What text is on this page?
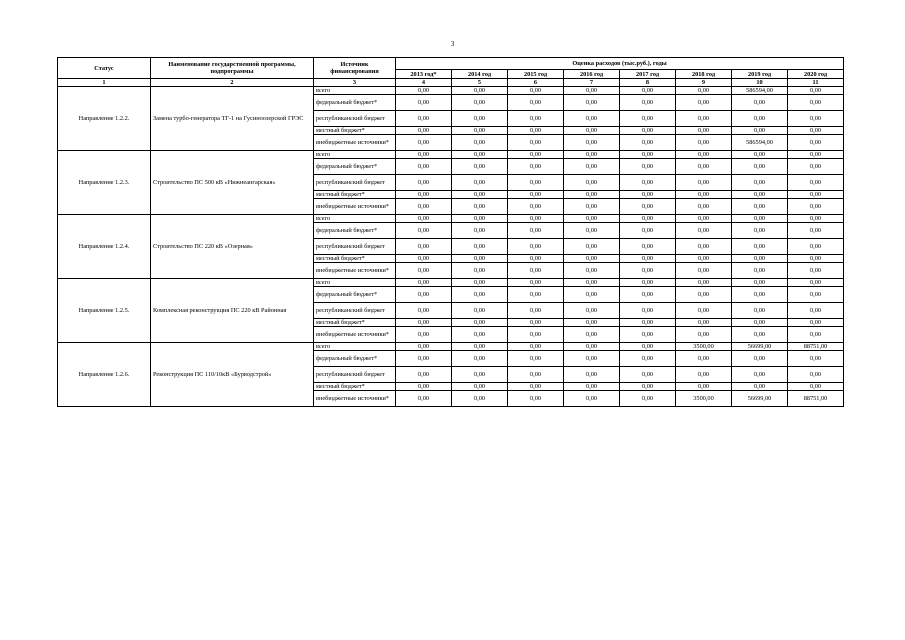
3
Статус	Наименование государственной программы, подпрограммы	Источник финансирования	Оценка расходов (тыс.руб.), годы							
			2013 год*	2014 год	2015 год	2016 год	2017 год	2018 год	2019 год	2020 год
1	2	3	4	5	6	7	8	9	10	11
Направление 1.2.2.	Замена турбо-генератора ТГ-1 на Гусиноозерской ГРЭС	всего	0,00	0,00	0,00	0,00	0,00	0,00	586594,00	0,00
		федеральный бюджет*	0,00	0,00	0,00	0,00	0,00	0,00	0,00	0,00
		республиканский бюджет	0,00	0,00	0,00	0,00	0,00	0,00	0,00	0,00
		местный бюджет*	0,00	0,00	0,00	0,00	0,00	0,00	0,00	0,00
		внебюджетные источники*	0,00	0,00	0,00	0,00	0,00	0,00	586594,00	0,00
Направление 1.2.3.	Строительство ПС 500 кВ «Нижнеангарская»	всего	0,00	0,00	0,00	0,00	0,00	0,00	0,00	0,00
		федеральный бюджет*	0,00	0,00	0,00	0,00	0,00	0,00	0,00	0,00
		республиканский бюджет	0,00	0,00	0,00	0,00	0,00	0,00	0,00	0,00
		местный бюджет*	0,00	0,00	0,00	0,00	0,00	0,00	0,00	0,00
		внебюджетные источники*	0,00	0,00	0,00	0,00	0,00	0,00	0,00	0,00
Направление 1.2.4.	Строительство ПС 220 кВ «Озерная»	всего	0,00	0,00	0,00	0,00	0,00	0,00	0,00	0,00
		федеральный бюджет*	0,00	0,00	0,00	0,00	0,00	0,00	0,00	0,00
		республиканский бюджет	0,00	0,00	0,00	0,00	0,00	0,00	0,00	0,00
		местный бюджет*	0,00	0,00	0,00	0,00	0,00	0,00	0,00	0,00
		внебюджетные источники*	0,00	0,00	0,00	0,00	0,00	0,00	0,00	0,00
Направление 1.2.5.	Комплексная реконструкция ПС 220 кВ Районная	всего	0,00	0,00	0,00	0,00	0,00	0,00	0,00	0,00
		федеральный бюджет*	0,00	0,00	0,00	0,00	0,00	0,00	0,00	0,00
		республиканский бюджет	0,00	0,00	0,00	0,00	0,00	0,00	0,00	0,00
		местный бюджет*	0,00	0,00	0,00	0,00	0,00	0,00	0,00	0,00
		внебюджетные источники*	0,00	0,00	0,00	0,00	0,00	0,00	0,00	0,00
Направление 1.2.6.	Реконструкция ПС 110/10кВ «Бурводстрой»	всего	0,00	0,00	0,00	0,00	0,00	3500,00	56699,00	88751,00
		федеральный бюджет*	0,00	0,00	0,00	0,00	0,00	0,00	0,00	0,00
		республиканский бюджет	0,00	0,00	0,00	0,00	0,00	0,00	0,00	0,00
		местный бюджет*	0,00	0,00	0,00	0,00	0,00	0,00	0,00	0,00
		внебюджетные источники*	0,00	0,00	0,00	0,00	0,00	3500,00	56699,00	88751,00
